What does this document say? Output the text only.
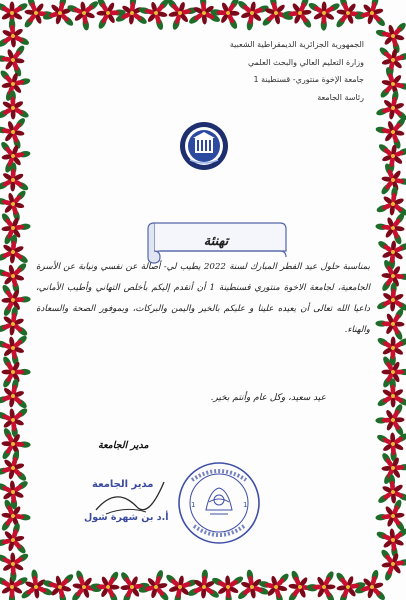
الجمهورية الجزائرية الديمقراطية الشعبية
وزارة التعليم العالي والبحث العلمي
جامعة الإخوة منتوري- قسنطينة 1
رئاسة الجامعة
تهنئة

بمناسبة حلول عيد الفطر المبارك لسنة 2022 يطيب لي- أصالة عن نفسي ونيابة عن الأسرة الجامعية، لجامعة الاخوة منتوري قسنطينة 1 أن أتقدم إليكم بأخلص التهاني وأطيب الأماني، داعيا الله تعالى أن يعيده علينا و عليكم بالخير واليمن والبركات، وبموفور الصحة والسعادة والهناء.

عيد سعيد، وكل عام وأنتم بخير.
مدير الجامعة
مدير الجامعة
أ.د بن شهرة شول
1	1
